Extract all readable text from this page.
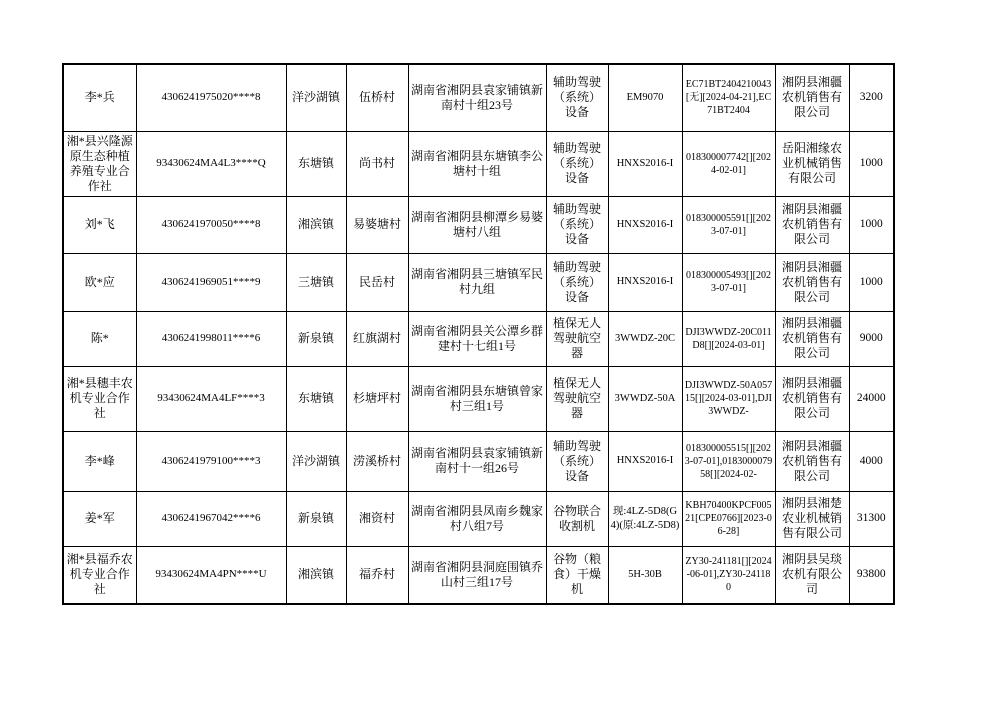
李*兵	4306241975020****8	洋沙湖镇	伍桥村	湖南省湘阴县袁家铺镇新南村十组23号	辅助驾驶（系统）设备	EM9070	EC71BT2404210043[无][2024-04-21],EC71BT2404	湘阴县湘疆农机销售有限公司	3200
湘*县兴隆源原生态种植养殖专业合作社	93430624MA4L3****Q	东塘镇	尚书村	湖南省湘阴县东塘镇李公塘村十组	辅助驾驶（系统）设备	HNXS2016-I	018300007742[][2024-02-01]	岳阳湘缘农业机械销售有限公司	1000
刘*飞	4306241970050****8	湘滨镇	易婆塘村	湖南省湘阴县柳潭乡易婆塘村八组	辅助驾驶（系统）设备	HNXS2016-I	018300005591[][2023-07-01]	湘阴县湘疆农机销售有限公司	1000
欧*应	4306241969051****9	三塘镇	民岳村	湖南省湘阴县三塘镇军民村九组	辅助驾驶（系统）设备	HNXS2016-I	018300005493[][2023-07-01]	湘阴县湘疆农机销售有限公司	1000
陈*	4306241998011****6	新泉镇	红旗湖村	湖南省湘阴县关公潭乡群建村十七组1号	植保无人驾驶航空器	3WWDZ-20C	DJI3WWDZ-20C011D8[][2024-03-01]	湘阴县湘疆农机销售有限公司	9000
湘*县穗丰农机专业合作社	93430624MA4LF****3	东塘镇	杉塘坪村	湖南省湘阴县东塘镇曾家村三组1号	植保无人驾驶航空器	3WWDZ-50A	DJI3WWDZ-50A05715[][2024-03-01],DJI3WWDZ-	湘阴县湘疆农机销售有限公司	24000
李*峰	4306241979100****3	洋沙湖镇	涝溪桥村	湖南省湘阴县袁家铺镇新南村十一组26号	辅助驾驶（系统）设备	HNXS2016-I	018300005515[][2023-07-01],018300007958[][2024-02-	湘阴县湘疆农机销售有限公司	4000
姜*军	4306241967042****6	新泉镇	湘资村	湖南省湘阴县凤南乡魏家村八组7号	谷物联合收割机	现:4LZ-5D8(G4)(原:4LZ-5D8)	KBH70400KPCF00521[CPE0766][2023-06-28]	湘阴县湘楚农业机械销售有限公司	31300
湘*县福乔农机专业合作社	93430624MA4PN****U	湘滨镇	福乔村	湖南省湘阴县洞庭围镇乔山村三组17号	谷物（粮食）干燥机	5H-30B	ZY30-241181[][2024-06-01],ZY30-241180	湘阴县吴琰农机有限公司	93800
